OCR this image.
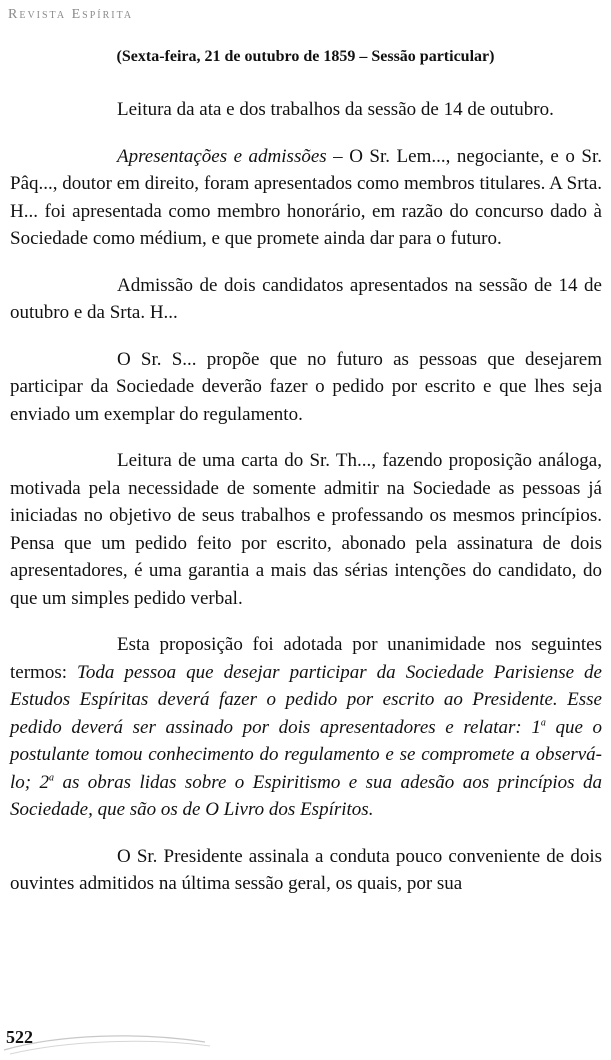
Revista Espírita
(Sexta-feira, 21 de outubro de 1859 – Sessão particular)

Leitura da ata e dos trabalhos da sessão de 14 de outubro.

Apresentações e admissões – O Sr. Lem..., negociante, e o Sr. Pâq..., doutor em direito, foram apresentados como membros titulares. A Srta. H... foi apresentada como membro honorário, em razão do concurso dado à Sociedade como médium, e que promete ainda dar para o futuro.

Admissão de dois candidatos apresentados na sessão de 14 de outubro e da Srta. H...

O Sr. S... propõe que no futuro as pessoas que desejarem participar da Sociedade deverão fazer o pedido por escrito e que lhes seja enviado um exemplar do regulamento.

Leitura de uma carta do Sr. Th..., fazendo proposição análoga, motivada pela necessidade de somente admitir na Sociedade as pessoas já iniciadas no objetivo de seus trabalhos e professando os mesmos princípios. Pensa que um pedido feito por escrito, abonado pela assinatura de dois apresentadores, é uma garantia a mais das sérias intenções do candidato, do que um simples pedido verbal.

Esta proposição foi adotada por unanimidade nos seguintes termos: Toda pessoa que desejar participar da Sociedade Parisiense de Estudos Espíritas deverá fazer o pedido por escrito ao Presidente. Esse pedido deverá ser assinado por dois apresentadores e relatar: 1$^a$ que o postulante tomou conhecimento do regulamento e se compromete a observá-lo; 2$^a$ as obras lidas sobre o Espiritismo e sua adesão aos princípios da Sociedade, que são os de O Livro dos Espíritos.

O Sr. Presidente assinala a conduta pouco conveniente de dois ouvintes admitidos na última sessão geral, os quais, por sua

522
